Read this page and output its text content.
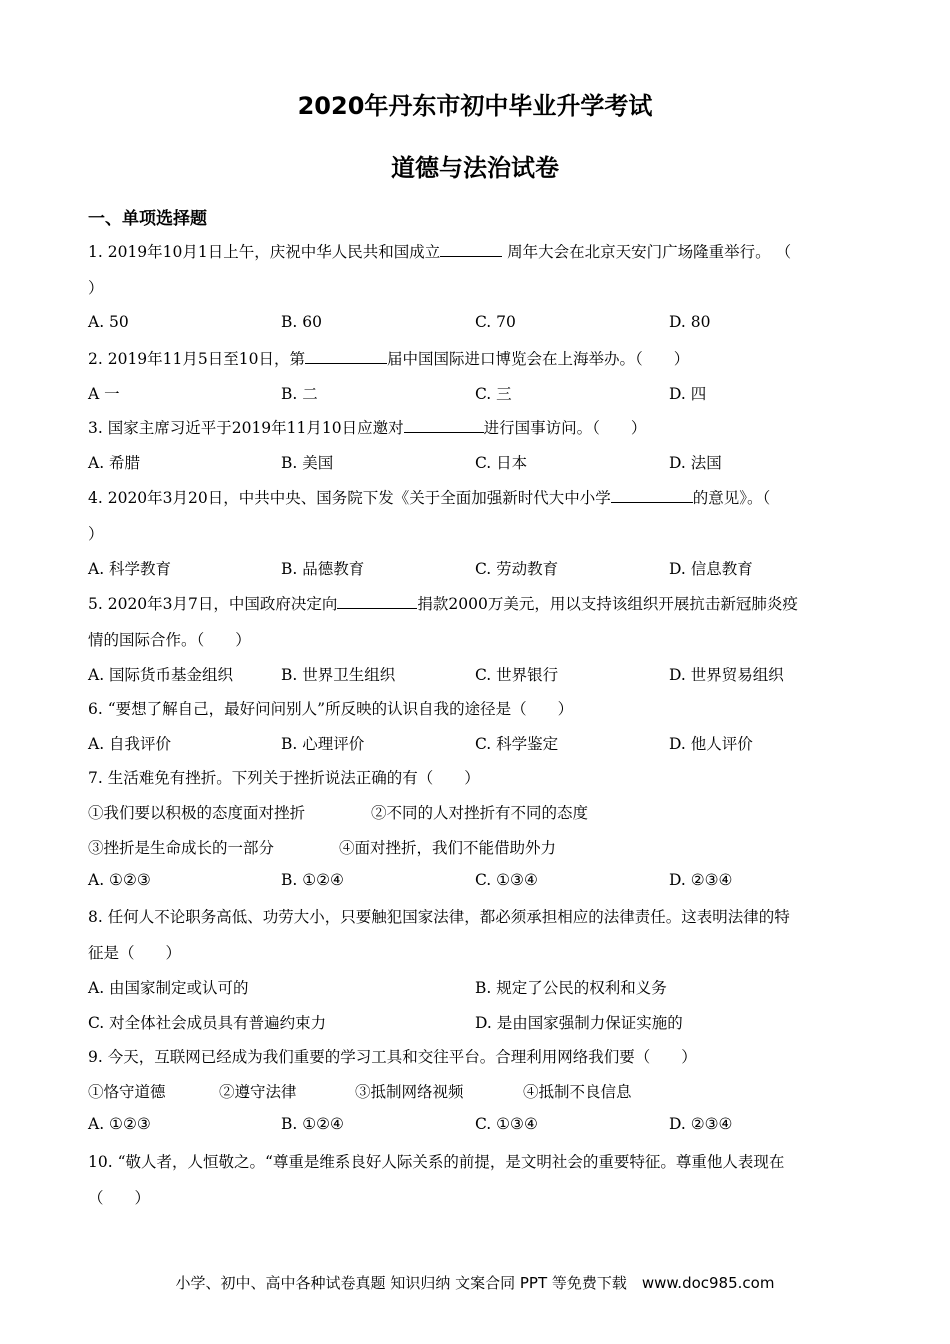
2020年丹东市初中毕业升学考试
道德与法治试卷
一、单项选择题
1. 2019年10月1日上午，庆祝中华人民共和国成立	周年大会在北京天安门广场隆重举行。 （
）
A. 50	B. 60	C. 70	D. 80
2. 2019年11月5日至10日，第	届中国国际进口博览会在上海举办。（　　）
A 一	B. 二	C. 三	D. 四
3. 国家主席习近平于2019年11月10日应邀对	进行国事访问。（　　）
A. 希腊	B. 美国	C. 日本	D. 法国
4. 2020年3月20日，中共中央、国务院下发《关于全面加强新时代大中小学	的意见》。（
）
A. 科学教育	B. 品德教育	C. 劳动教育	D. 信息教育
5. 2020年3月7日，中国政府决定向	捐款2000万美元，用以支持该组织开展抗击新冠肺炎疫
情的国际合作。（　　）
A. 国际货币基金组织	B. 世界卫生组织	C. 世界银行	D. 世界贸易组织
6. “要想了解自己，最好问问别人”所反映的认识自我的途径是（　　）
A. 自我评价	B. 心理评价	C. 科学鉴定	D. 他人评价
7. 生活难免有挫折。下列关于挫折说法正确的有（　　）
①我们要以积极的态度面对挫折	②不同的人对挫折有不同的态度
③挫折是生命成长的一部分	④面对挫折，我们不能借助外力
A. ①②③	B. ①②④	C. ①③④	D. ②③④
8. 任何人不论职务高低、功劳大小，只要触犯国家法律，都必须承担相应的法律责任。这表明法律的特
征是（　　）
A. 由国家制定或认可的	B. 规定了公民的权利和义务
C. 对全体社会成员具有普遍约束力	D. 是由国家强制力保证实施的
9. 今天，互联网已经成为我们重要的学习工具和交往平台。合理利用网络我们要（　　）
①恪守道德	②遵守法律	③抵制网络视频	④抵制不良信息
A. ①②③	B. ①②④	C. ①③④	D. ②③④
10. “敬人者，人恒敬之。“尊重是维系良好人际关系的前提，是文明社会的重要特征。尊重他人表现在
（　　）
小学、初中、高中各种试卷真题 知识归纳 文案合同 PPT 等免费下载　www.doc985.com
